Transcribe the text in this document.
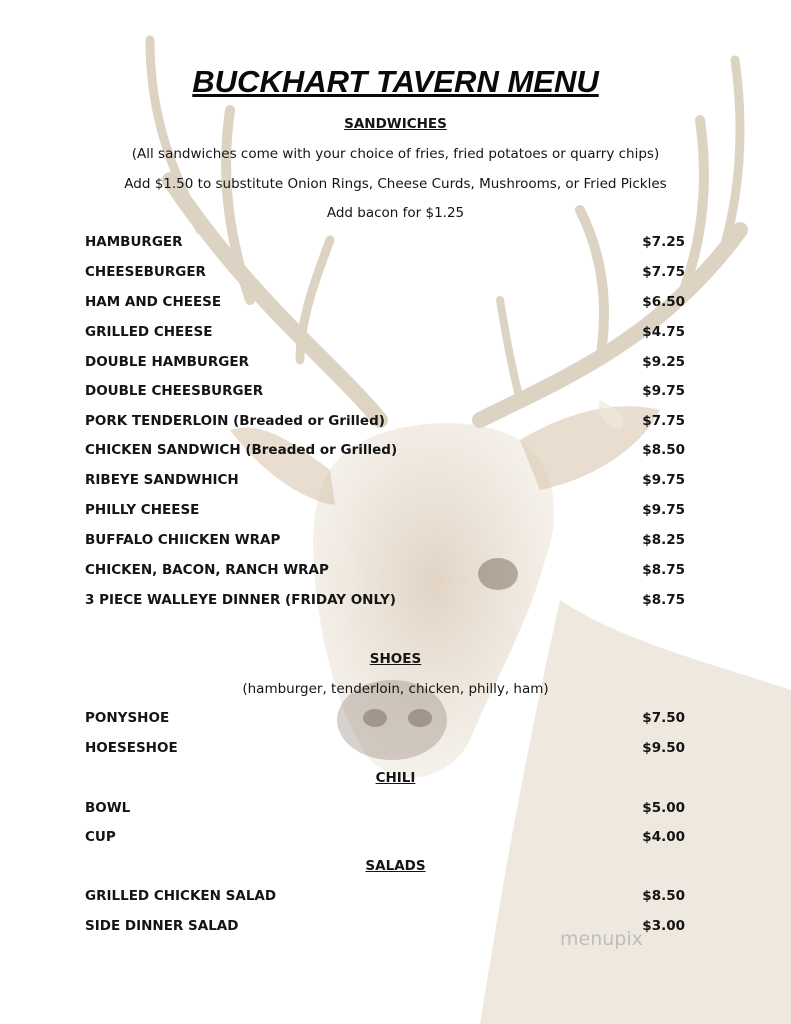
BUCKHART TAVERN MENU
SANDWICHES
(All sandwiches come with your choice of fries, fried potatoes or quarry chips)
Add $1.50 to substitute Onion Rings, Cheese Curds, Mushrooms, or Fried Pickles
Add bacon for $1.25
HAMBURGER	$7.25
CHEESEBURGER	$7.75
HAM AND CHEESE	$6.50
GRILLED CHEESE	$4.75
DOUBLE HAMBURGER	$9.25
DOUBLE CHEESBURGER	$9.75
PORK TENDERLOIN (Breaded or Grilled)	$7.75
CHICKEN SANDWICH (Breaded or Grilled)	$8.50
RIBEYE SANDWHICH	$9.75
PHILLY CHEESE	$9.75
BUFFALO CHIICKEN WRAP	$8.25
CHICKEN, BACON, RANCH WRAP	$8.75
3 PIECE WALLEYE DINNER (FRIDAY ONLY)	$8.75
SHOES
(hamburger, tenderloin, chicken, philly, ham)
PONYSHOE	$7.50
HOESESHOE	$9.50
CHILI
BOWL	$5.00
CUP	$4.00
SALADS
GRILLED CHICKEN SALAD	$8.50
SIDE DINNER SALAD	$3.00
menupix
